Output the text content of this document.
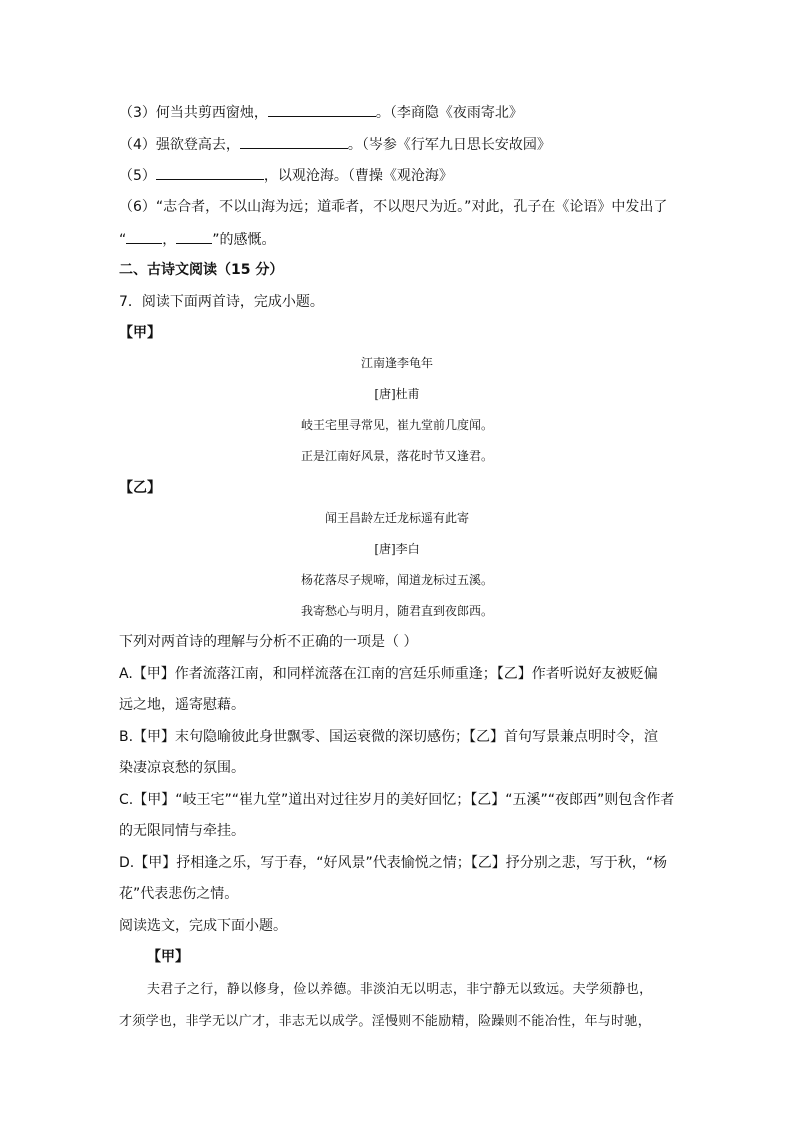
（3）何当共剪西窗烛，	。（李商隐《夜雨寄北》
（4）强欲登高去，	。（岑参《行军九日思长安故园》
（5）	，以观沧海。（曹操《观沧海》
（6）“志合者，不以山海为远；道乖者，不以咫尺为近。”对此，孔子在《论语》中发出了
“	，	”的感慨。
二、古诗文阅读（15 分）
7．阅读下面两首诗，完成小题。
【甲】
江南逢李龟年
[唐]杜甫
岐王宅里寻常见，崔九堂前几度闻。
正是江南好风景，落花时节又逢君。
【乙】
闻王昌龄左迁龙标遥有此寄
[唐]李白
杨花落尽子规啼，闻道龙标过五溪。
我寄愁心与明月，随君直到夜郎西。
下列对两首诗的理解与分析不正确的一项是（ ）
A.【甲】作者流落江南，和同样流落在江南的宫廷乐师重逢；【乙】作者听说好友被贬偏
远之地，遥寄慰藉。
B.【甲】末句隐喻彼此身世飘零、国运衰微的深切感伤；【乙】首句写景兼点明时令，渲
染凄凉哀愁的氛围。
C.【甲】“岐王宅”“崔九堂”道出对过往岁月的美好回忆；【乙】“五溪”“夜郎西”则包含作者
的无限同情与牵挂。
D.【甲】抒相逢之乐，写于春，“好风景”代表愉悦之情；【乙】抒分别之悲，写于秋，“杨
花”代表悲伤之情。
阅读选文，完成下面小题。
【甲】
夫君子之行，静以修身，俭以养德。非淡泊无以明志，非宁静无以致远。夫学须静也，
才须学也，非学无以广才，非志无以成学。淫慢则不能励精，险躁则不能冶性，年与时驰，
